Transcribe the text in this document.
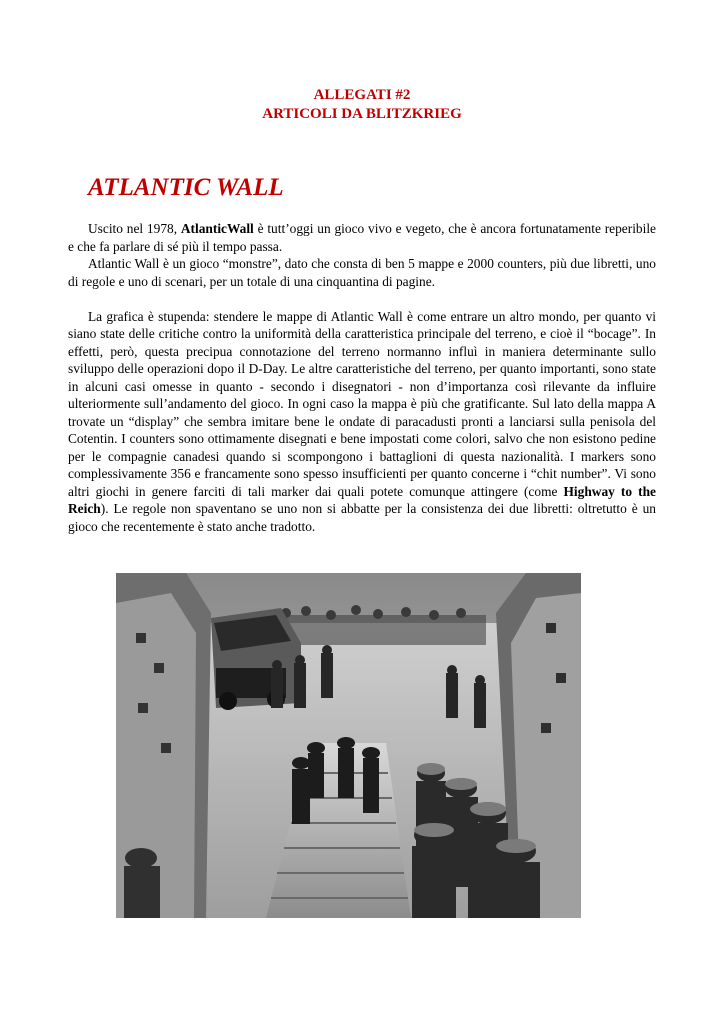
ALLEGATI #2
ARTICOLI DA BLITZKRIEG
ATLANTIC WALL

Uscito nel 1978, AtlanticWall è tutt’oggi un gioco vivo e vegeto, che è ancora fortunatamente reperibile e che fa parlare di sé più il tempo passa.

Atlantic Wall è un gioco “monstre”, dato che consta di ben 5 mappe e 2000 counters, più due libretti, uno di regole e uno di scenari, per un totale di una cinquantina di pagine.

La grafica è stupenda: stendere le mappe di Atlantic Wall è come entrare un altro mondo, per quanto vi siano state delle critiche contro la uniformità della caratteristica principale del terreno, e cioè il “bocage”. In effetti, però, questa precipua connotazione del terreno normanno influì in maniera determinante sullo sviluppo delle operazioni dopo il D-Day. Le altre caratteristiche del terreno, per quanto importanti, sono state in alcuni casi omesse in quanto - secondo i disegnatori - non d’importanza così rilevante da influire ulteriormente sull’andamento del gioco. In ogni caso la mappa è più che gratificante. Sul lato della mappa A trovate un “display” che sembra imitare bene le ondate di paracadusti pronti a lanciarsi sulla penisola del Cotentin. I counters sono ottimamente disegnati e bene impostati come colori, salvo che non esistono pedine per le compagnie canadesi quando si scompongono i battaglioni di questa nazionalità. I markers sono complessivamente 356 e francamente sono spesso insufficienti per quanto concerne i “chit number”. Vi sono altri giochi in genere farciti di tali marker dai quali potete comunque attingere (come Highway to the Reich). Le regole non spaventano se uno non si abbatte per la consistenza dei due libretti: oltretutto è un gioco che recentemente è stato anche tradotto.
